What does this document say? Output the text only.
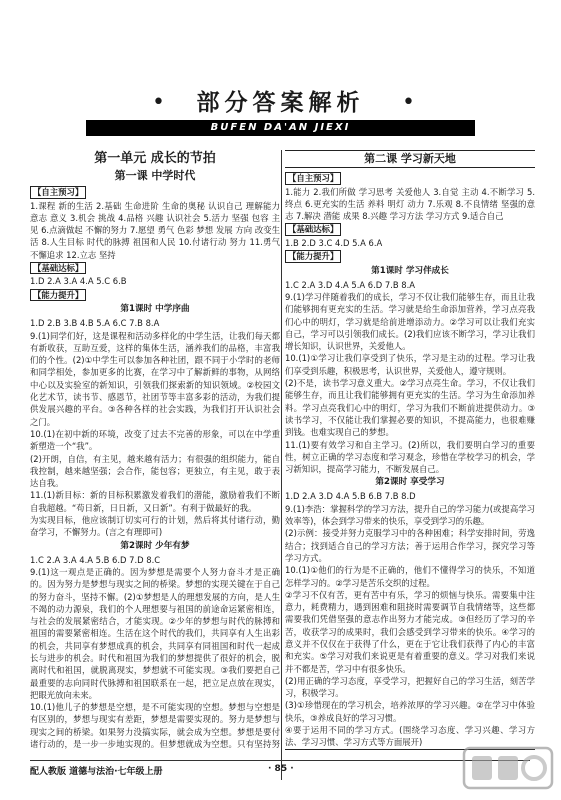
• 部分答案解析 •
BUFEN DA'AN JIEXI

第一单元 成长的节拍

第一课 中学时代

【自主预习】

1.课程 新的生活 2.基础 生命进阶 生命的奥秘 认识自己 理解能力 意志 意义 3.机会 挑战 4.品格 兴趣 认识社会 5.活力 坚强 包容 主见 6.点滴做起 不懈的努力 7.愿望 勇气 色彩 梦想 发展 方向 改变生活 8.人生目标 时代的脉搏 祖国和人民 10.付诸行动 努力 11.勇气 不懈追求 12.立志 坚持

【基础达标】

1.D 2.A 3.A 4.A 5.C 6.B

【能力提升】

第1课时 中学序曲

1.D 2.B 3.B 4.B 5.A 6.C 7.B 8.A

9.(1)同学们好，这是课程和活动多样化的中学生活，让我们每天都有新收获，互助互爱，这样的集体生活，涵养我们的品格，丰富我们的个性。(2)①中学生可以参加各种社团，跟不同于小学时的老师和同学相处，参加更多的比赛，在学习中了解新鲜的事物，从网络中心以及实验室的新知识，引领我们探索新的知识领域。②校园文化艺术节，读书节、感恩节，社团节等丰富多彩的活动，为我们提供发展兴趣的平台。③各种各样的社会实践，为我们打开认识社会之门。

10.(1)在初中新的环境，改变了过去不完善的形象，可以在中学重新塑造一个“我”。

(2)开朗，自信，有主见，越来越有活力；有很强的组织能力，能自我控制，越来越坚强；会合作，能包容；更独立，有主见，敢于表达自我。

11.(1)新目标：新的目标积累激发着我们的潜能，激励着我们不断自我超越。“苟日新，日日新，又日新”。有利于做最好的我。

为实现目标，他应该制订切实可行的计划，然后将其付诸行动，勤奋学习，不懈努力。(言之有理即可)

第2课时 少年有梦

1.C 2.A 3.A 4.A 5.B 6.D 7.D 8.C

9.(1)这一观点是正确的。因为梦想是需要个人努力奋斗才是正确的。因为努力是梦想与现实之间的桥梁。梦想的实现关键在于自己的努力奋斗，坚持不懈。(2)①梦想是人的理想发展的方向，是人生不竭的动力源泉，我们的个人理想要与祖国的前途命运紧密相连，与社会的发展紧密结合，才能实现。②少年的梦想与时代的脉搏和祖国的需要紧密相连。生活在这个时代的我们，共同享有人生出彩的机会，共同享有梦想成真的机会，共同享有同祖国和时代一起成长与进步的机会。时代和祖国为我们的梦想提供了很好的机会，脱离时代和祖国，就脱离现实，梦想就不可能实现。③我们要把自己最重要的志向同时代脉搏和祖国联系在一起，把立足点放在现实，把眼光放向未来。

10.(1)他儿子的梦想是空想，是不可能实现的空想。梦想与空想是有区别的，梦想与现实有差距，梦想是需要实现的。努力是梦想与现实之间的桥梁。如果努力没搞实际，就会成为空想。梦想是要付诸行动的，是一步一步地实现的。但梦想就成为空想。只有坚持努

第二课 学习新天地

【自主预习】

1.能力 2.我们所做 学习思考 关爱他人 3.自觉 主动 4.不断学习 5.终点 6.更充实的生活 养料 明灯 动力 7.乐观 8.不良情绪 坚强的意志 7.解决 潜能 成果 8.兴趣 学习方法 学习方式 9.适合自己

【基础达标】

1.B 2.D 3.C 4.D 5.A 6.A

【能力提升】

第1课时 学习伴成长

1.C 2.A 3.D 4.A 5.A 6.D 7.B 8.A

9.(1)学习伴随着我们的成长，学习不仅让我们能够生存，而且让我们能够拥有更充实的生活。学习就是给生命添加营养，学习点亮我们心中的明灯，学习就是给前进增添动力。②学习可以让我们充实自己，学习可以引领我们成长。(2)我们应该不断学习，学习让我们增长知识，认识世界，关爱他人。

10.(1)①学习让我们享受到了快乐，学习是主动的过程。学习让我们享受到乐趣，积极思考，认识世界，关爱他人，遵守规则。

(2)不是，读书学习意义重大。②学习点亮生命。学习，不仅让我们能够生存，而且让我们能够拥有更充实的生活。学习为生命添加养料。学习点亮我们心中的明灯，学习为我们不断前进提供动力。③读书学习，不仅能让我们掌握必要的知识，不提高能力，也很难赚到钱。也难实现自己的梦想。

11.(1)要有效学习和自主学习。(2)所以，我们要明白学习的重要性，树立正确的学习态度和学习观念，珍惜在学校学习的机会，学习新知识，提高学习能力，不断发展自己。

第2课时 享受学习

1.D 2.A 3.D 4.A 5.B 6.B 7.B 8.D

9.(1)李浩：掌握科学的学习方法，提升自己的学习能力(或提高学习效率等)，体会到学习带来的快乐，享受到学习的乐趣。

(2)示例：接受并努力克服学习中的各种困难；科学安排时间，劳逸结合；找到适合自己的学习方法；善于运用合作学习，探究学习等学习方式。

10.(1)①他们的行为是不正确的，他们不懂得学习的快乐，不知道怎样学习的。②学习是苦乐交织的过程。

②学习不仅有苦，更有苦中有乐，学习的烦恼与快乐。需要集中注意力，耗费精力，遇到困难和阻挠时需要调节自我情绪等，这些都需要我们凭借坚强的意志作出努力才能完成。③但经历了学习的辛苦，收获学习的成果时，我们会感受到学习带来的快乐。④学习的意义并不仅仅在于获得了什么，更在于它让我们获得了内心的丰富和充实。⑤学习对我们来说更是有着重要的意义。学习对我们来说并不都是苦，学习中有很多快乐。

(2)用正确的学习态度，享受学习，把握好自己的学习生活，刻苦学习，积极学习。

(3)①珍惜现在的学习机会，培养浓厚的学习兴趣。②在学习中体验快乐，③养成良好的学习习惯。

④要于运用不同的学习方式。(围绕学习态度、学习兴趣、学习方法、学习习惯、学习方式等方面展开)

配人教版 道德与法治·七年级上册	· 85 ·
